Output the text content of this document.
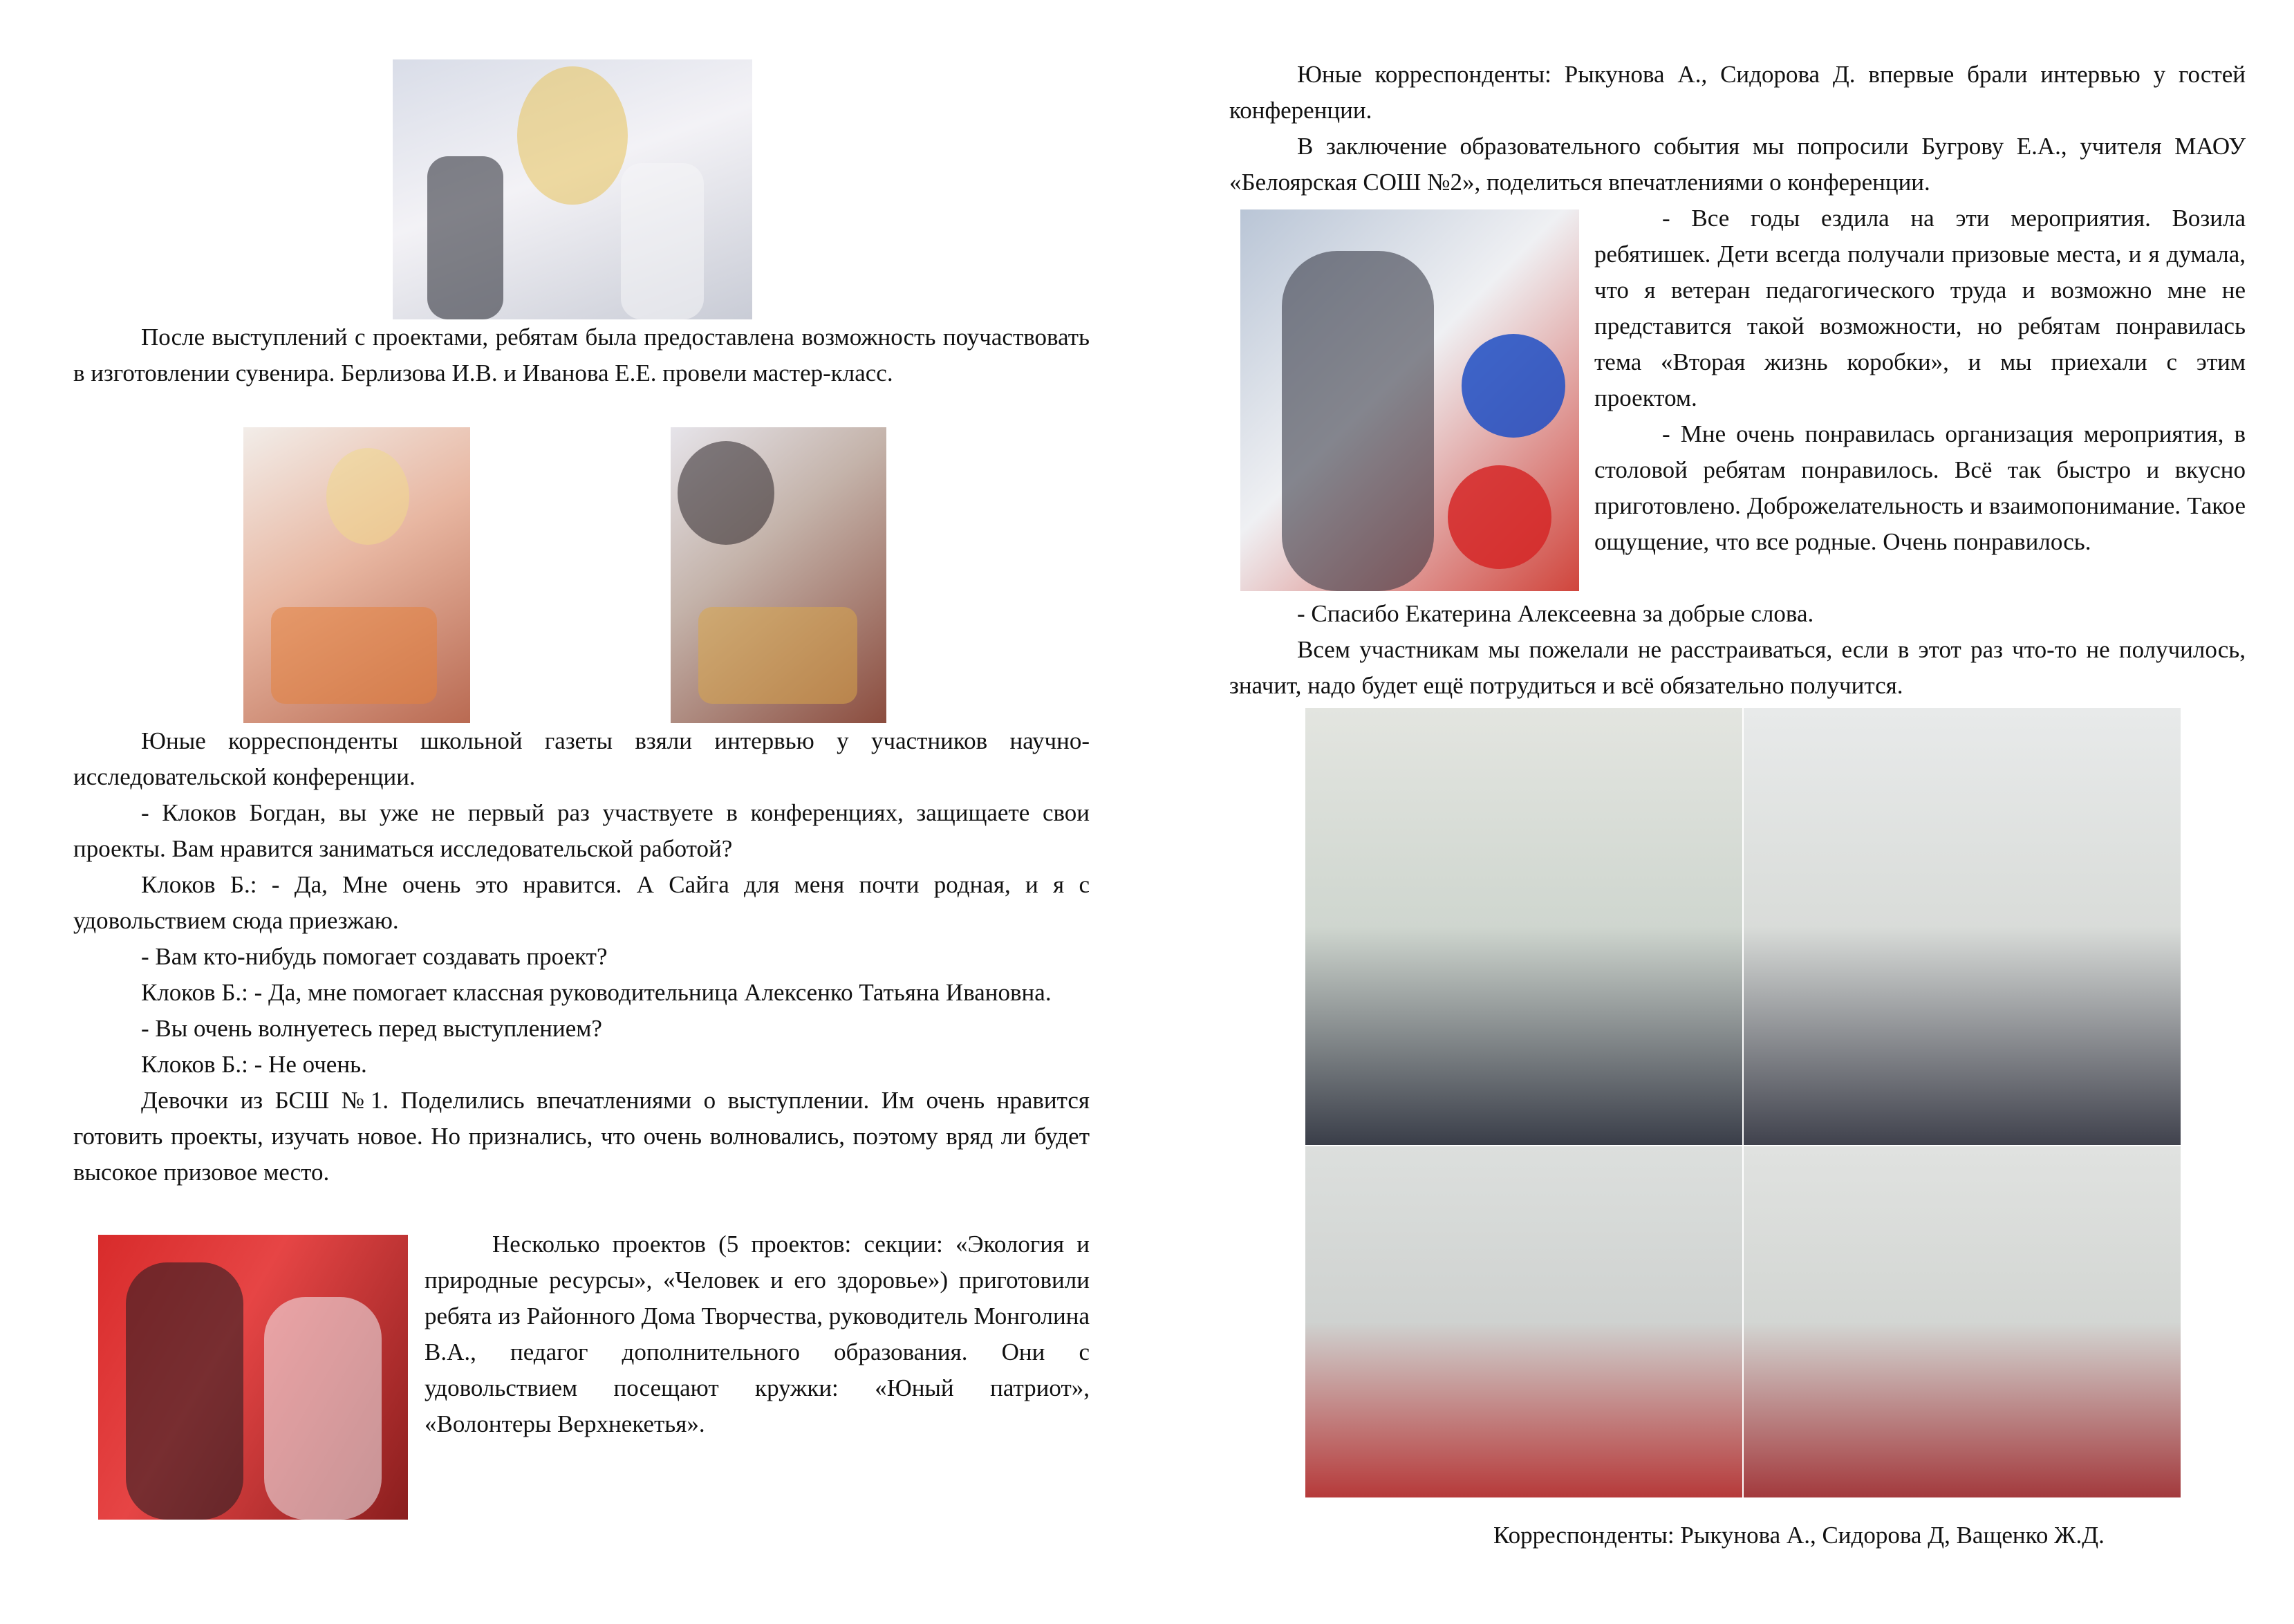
После выступлений с проектами, ребятам была предоставлена возможность поучаствовать в изготовлении сувенира. Берлизова И.В. и Иванова Е.Е. провели мастер-класс.

Юные корреспонденты школьной газеты взяли интервью у участников научно-исследовательской конференции.

- Клоков Богдан, вы уже не первый раз участвуете в конференциях, защищаете свои проекты. Вам нравится заниматься исследовательской работой?

Клоков Б.: - Да, Мне очень это нравится. А Сайга для меня почти родная, и я с удовольствием сюда приезжаю.

- Вам кто-нибудь помогает создавать проект?

Клоков Б.: - Да, мне помогает классная руководительница Алексенко Татьяна Ивановна.

- Вы очень волнуетесь перед выступлением?

Клоков Б.: - Не очень.

Девочки из БСШ №1. Поделились впечатлениями о выступлении. Им очень нравится готовить проекты, изучать новое. Но признались, что очень волновались, поэтому вряд ли будет высокое призовое место.

Несколько проектов (5 проектов: секции: «Экология и природные ресурсы», «Человек и его здоровье») приготовили ребята из Районного Дома Творчества, руководитель Монголина В.А., педагог дополнительного образования. Они с удовольствием посещают кружки: «Юный патриот», «Волонтеры Верхнекетья».

Юные корреспонденты: Рыкунова А., Сидорова Д. впервые брали интервью у гостей конференции.

В заключение образовательного события мы попросили Бугрову Е.А., учителя МАОУ «Белоярская СОШ №2», поделиться впечатлениями о конференции.

- Все годы ездила на эти мероприятия. Возила ребятишек. Дети всегда получали призовые места, и я думала, что я ветеран педагогического труда и возможно мне не представится такой возможности, но ребятам понравилась тема «Вторая жизнь коробки», и мы приехали с этим проектом.

- Мне очень понравилась организация мероприятия, в столовой ребятам понравилось. Всё так быстро и вкусно приготовлено. Доброжелательность и взаимопонимание. Такое ощущение, что все родные. Очень понравилось.

- Спасибо Екатерина Алексеевна за добрые слова.

Всем участникам мы пожелали не расстраиваться, если в этот раз что-то не получилось, значит, надо будет ещё потрудиться и всё обязательно получится.

Корреспонденты: Рыкунова А., Сидорова Д, Ващенко Ж.Д.
